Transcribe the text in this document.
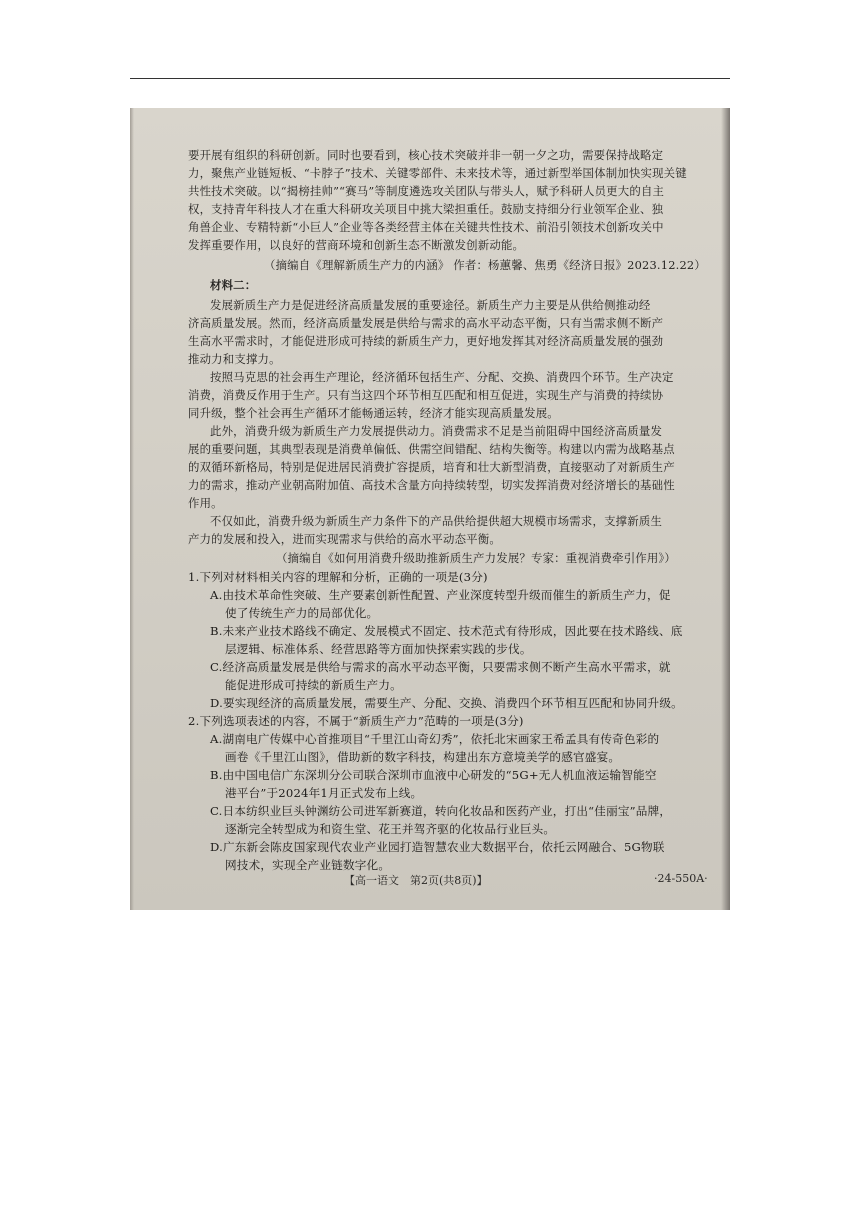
要开展有组织的科研创新。同时也要看到，核心技术突破并非一朝一夕之功，需要保持战略定
力，聚焦产业链短板、“卡脖子”技术、关键零部件、未来技术等，通过新型举国体制加快实现关键
共性技术突破。以“揭榜挂帅”“赛马”等制度遴选攻关团队与带头人，赋予科研人员更大的自主
权，支持青年科技人才在重大科研攻关项目中挑大梁担重任。鼓励支持细分行业领军企业、独
角兽企业、专精特新“小巨人”企业等各类经营主体在关键共性技术、前沿引领技术创新攻关中
发挥重要作用，以良好的营商环境和创新生态不断激发创新动能。
（摘编自《理解新质生产力的内涵》 作者：杨蕙馨、焦勇《经济日报》2023.12.22）
材料二：
发展新质生产力是促进经济高质量发展的重要途径。新质生产力主要是从供给侧推动经
济高质量发展。然而，经济高质量发展是供给与需求的高水平动态平衡，只有当需求侧不断产
生高水平需求时，才能促进形成可持续的新质生产力，更好地发挥其对经济高质量发展的强劲
推动力和支撑力。
按照马克思的社会再生产理论，经济循环包括生产、分配、交换、消费四个环节。生产决定
消费，消费反作用于生产。只有当这四个环节相互匹配和相互促进，实现生产与消费的持续协
同升级，整个社会再生产循环才能畅通运转，经济才能实现高质量发展。
此外，消费升级为新质生产力发展提供动力。消费需求不足是当前阻碍中国经济高质量发
展的重要问题，其典型表现是消费单偏低、供需空间错配、结构失衡等。构建以内需为战略基点
的双循环新格局，特别是促进居民消费扩容提质，培育和壮大新型消费，直接驱动了对新质生产
力的需求，推动产业朝高附加值、高技术含量方向持续转型，切实发挥消费对经济增长的基础性
作用。
不仅如此，消费升级为新质生产力条件下的产品供给提供超大规模市场需求，支撑新质生
产力的发展和投入，进而实现需求与供给的高水平动态平衡。
（摘编自《如何用消费升级助推新质生产力发展？专家：重视消费牵引作用》）
1.下列对材料相关内容的理解和分析，正确的一项是(3分)
A.由技术革命性突破、生产要素创新性配置、产业深度转型升级而催生的新质生产力，促
使了传统生产力的局部优化。
B.未来产业技术路线不确定、发展模式不固定、技术范式有待形成，因此要在技术路线、底
层逻辑、标准体系、经营思路等方面加快探索实践的步伐。
C.经济高质量发展是供给与需求的高水平动态平衡，只要需求侧不断产生高水平需求，就
能促进形成可持续的新质生产力。
D.要实现经济的高质量发展，需要生产、分配、交换、消费四个环节相互匹配和协同升级。
2.下列选项表述的内容，不属于“新质生产力”范畴的一项是(3分)
A.湖南电广传媒中心首推项目“千里江山奇幻秀”，依托北宋画家王希孟具有传奇色彩的
画卷《千里江山图》，借助新的数字科技，构建出东方意境美学的感官盛宴。
B.由中国电信广东深圳分公司联合深圳市血液中心研发的“5G+无人机血液运输智能空
港平台”于2024年1月正式发布上线。
C.日本纺织业巨头钟渊纺公司进军新赛道，转向化妆品和医药产业，打出“佳丽宝”品牌，
逐渐完全转型成为和资生堂、花王并驾齐驱的化妆品行业巨头。
D.广东新会陈皮国家现代农业产业园打造智慧农业大数据平台，依托云网融合、5G物联
网技术，实现全产业链数字化。
【高一语文　第2页(共8页)】	·24-550A·
